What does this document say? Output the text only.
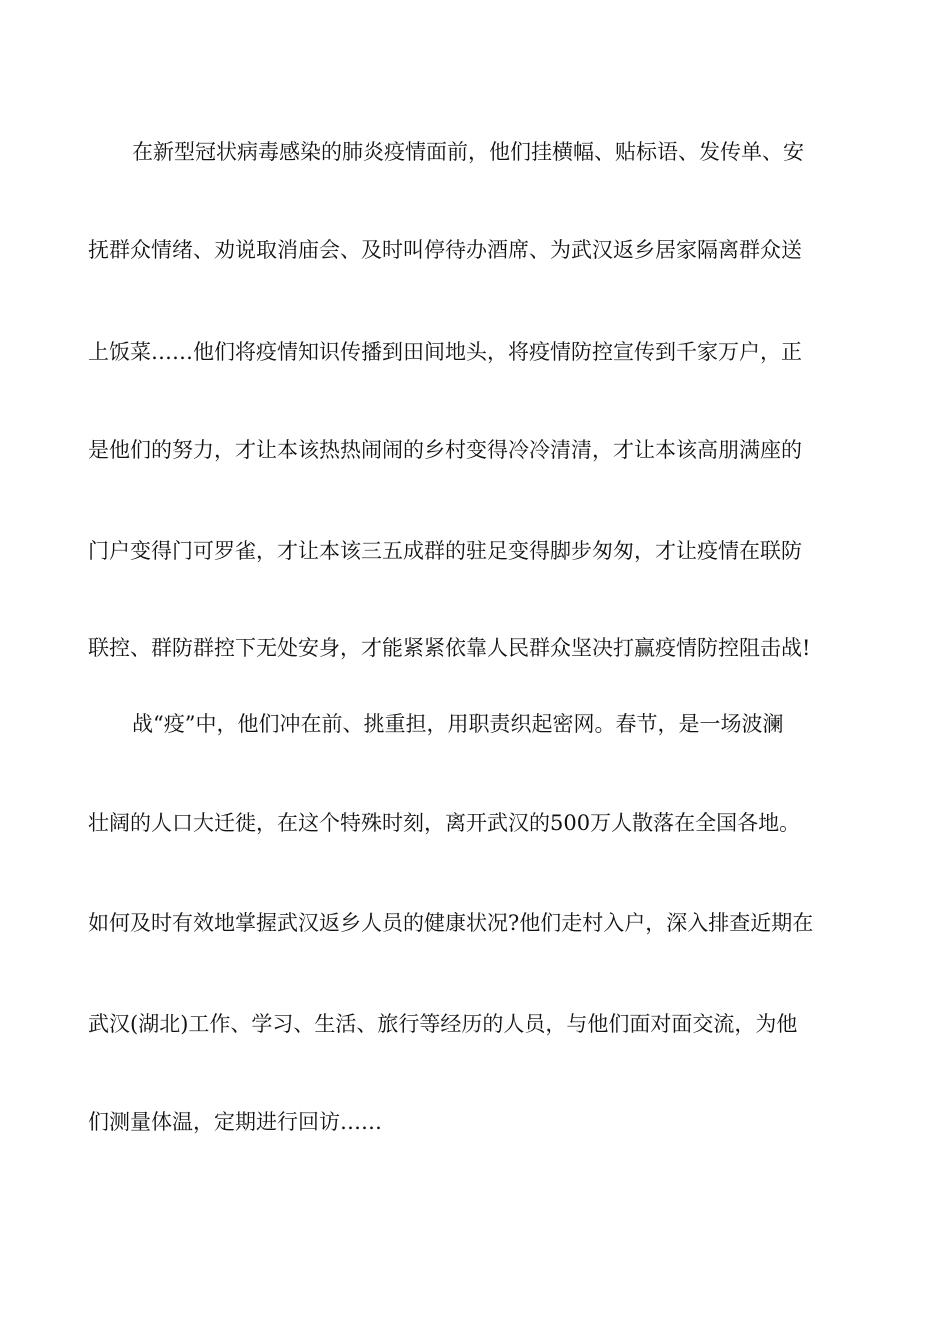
在新型冠状病毒感染的肺炎疫情面前，他们挂横幅、贴标语、发传单、安

抚群众情绪、劝说取消庙会、及时叫停待办酒席、为武汉返乡居家隔离群众送

上饭菜……他们将疫情知识传播到田间地头，将疫情防控宣传到千家万户，正

是他们的努力，才让本该热热闹闹的乡村变得冷冷清清，才让本该高朋满座的

门户变得门可罗雀，才让本该三五成群的驻足变得脚步匆匆，才让疫情在联防

联控、群防群控下无处安身，才能紧紧依靠人民群众坚决打赢疫情防控阻击战!

战“疫”中，他们冲在前、挑重担，用职责织起密网。春节，是一场波澜

壮阔的人口大迁徙，在这个特殊时刻，离开武汉的500万人散落在全国各地。

如何及时有效地掌握武汉返乡人员的健康状况?他们走村入户，深入排查近期在

武汉(湖北)工作、学习、生活、旅行等经历的人员，与他们面对面交流，为他

们测量体温，定期进行回访……
